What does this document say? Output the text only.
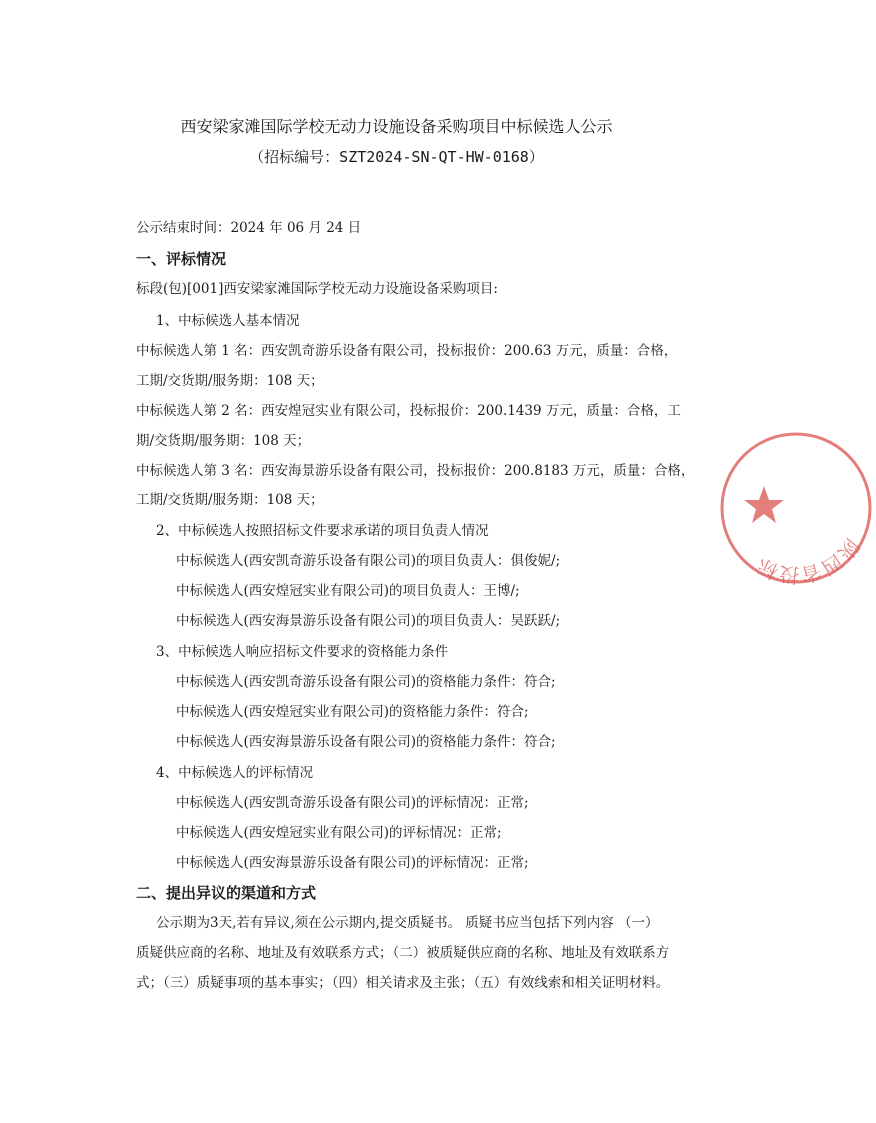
西安梁家滩国际学校无动力设施设备采购项目中标候选人公示
（招标编号：SZT2024-SN-QT-HW-0168）
公示结束时间：2024 年 06 月 24 日
一、评标情况
标段(包)[001]西安梁家滩国际学校无动力设施设备采购项目:
1、中标候选人基本情况
中标候选人第 1 名：西安凯奇游乐设备有限公司，投标报价：200.63 万元，质量：合格，
工期/交货期/服务期：108 天；
中标候选人第 2 名：西安煌冠实业有限公司，投标报价：200.1439 万元，质量：合格，工
期/交货期/服务期：108 天；
中标候选人第 3 名：西安海景游乐设备有限公司，投标报价：200.8183 万元，质量：合格，
工期/交货期/服务期：108 天；
2、中标候选人按照招标文件要求承诺的项目负责人情况
中标候选人(西安凯奇游乐设备有限公司)的项目负责人：俱俊妮/;
中标候选人(西安煌冠实业有限公司)的项目负责人：王博/;
中标候选人(西安海景游乐设备有限公司)的项目负责人：吴跃跃/;
3、中标候选人响应招标文件要求的资格能力条件
中标候选人(西安凯奇游乐设备有限公司)的资格能力条件：符合;
中标候选人(西安煌冠实业有限公司)的资格能力条件：符合;
中标候选人(西安海景游乐设备有限公司)的资格能力条件：符合;
4、中标候选人的评标情况
中标候选人(西安凯奇游乐设备有限公司)的评标情况：正常;
中标候选人(西安煌冠实业有限公司)的评标情况：正常;
中标候选人(西安海景游乐设备有限公司)的评标情况：正常;
二、提出异议的渠道和方式
公示期为3天,若有异议,须在公示期内,提交质疑书。 质疑书应当包括下列内容 （一）
质疑供应商的名称、地址及有效联系方式；（二）被质疑供应商的名称、地址及有效联系方
式；（三）质疑事项的基本事实；（四）相关请求及主张；（五）有效线索和相关证明材料。
陕西省投标
